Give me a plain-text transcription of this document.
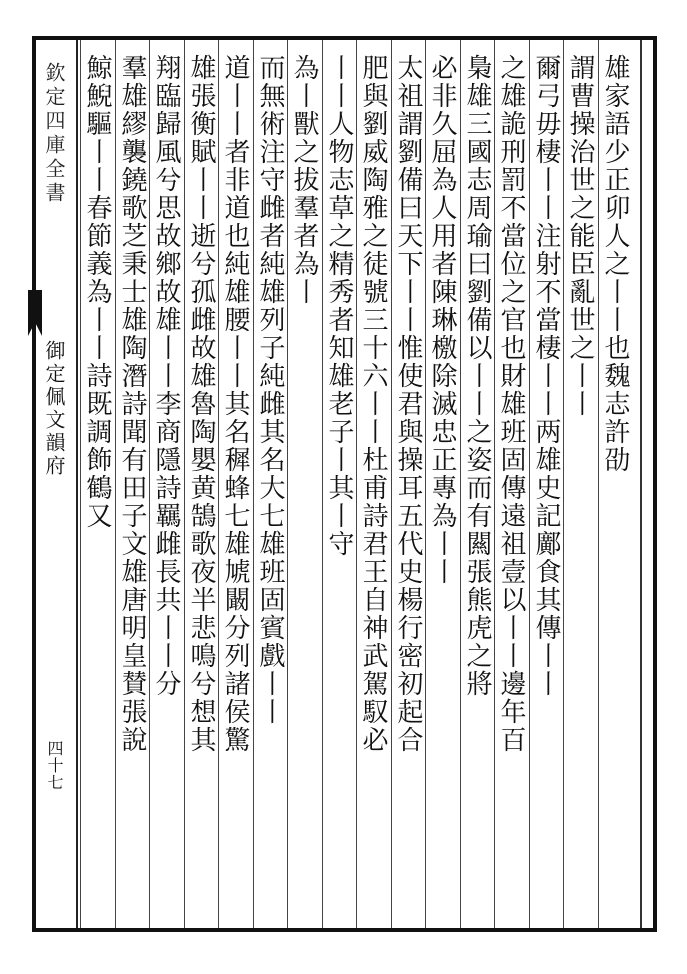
欽定四庫全書
御定佩文韻府
四十七
雄家語少正卯人之丨丨也魏志許劭
謂曹操治世之能臣亂世之丨丨
爾弓毋棲丨丨注射不當棲丨丨两雄史記鄺食其傳丨丨
之雄詭刑罰不當位之官也財雄班固傳遠祖壹以丨丨邊年百
梟雄三國志周瑜曰劉備以丨丨之姿而有闗張熊虎之將
必非久屈為人用者陳琳檄除滅忠正專為丨丨
太祖謂劉備曰天下丨丨惟使君與操耳五代史楊行密初起合
肥與劉威陶雅之徒號三十六丨丨杜甫詩君王自神武駕馭必
丨丨人物志草之精秀者知雄老子丨其丨守
為丨獸之拔羣者為丨
而無術注守雌者純雄列子純雌其名大七雄班固賓戲丨丨
道丨丨者非道也純雄腰丨丨其名穉蜂七雄虓闞分列諸侯驚
雄張衡賦丨丨逝兮孤雌故雄魯陶嬰黄鵠歌夜半悲鳴兮想其
翔臨歸風兮思故鄉故雄丨丨李商隱詩羈雌長共丨丨分
羣雄繆襲鐃歌芝秉士雄陶潛詩聞有田子文雄唐明皇賛張說
鯨鯢驅丨丨春節義為丨丨詩既調飾鶴又
